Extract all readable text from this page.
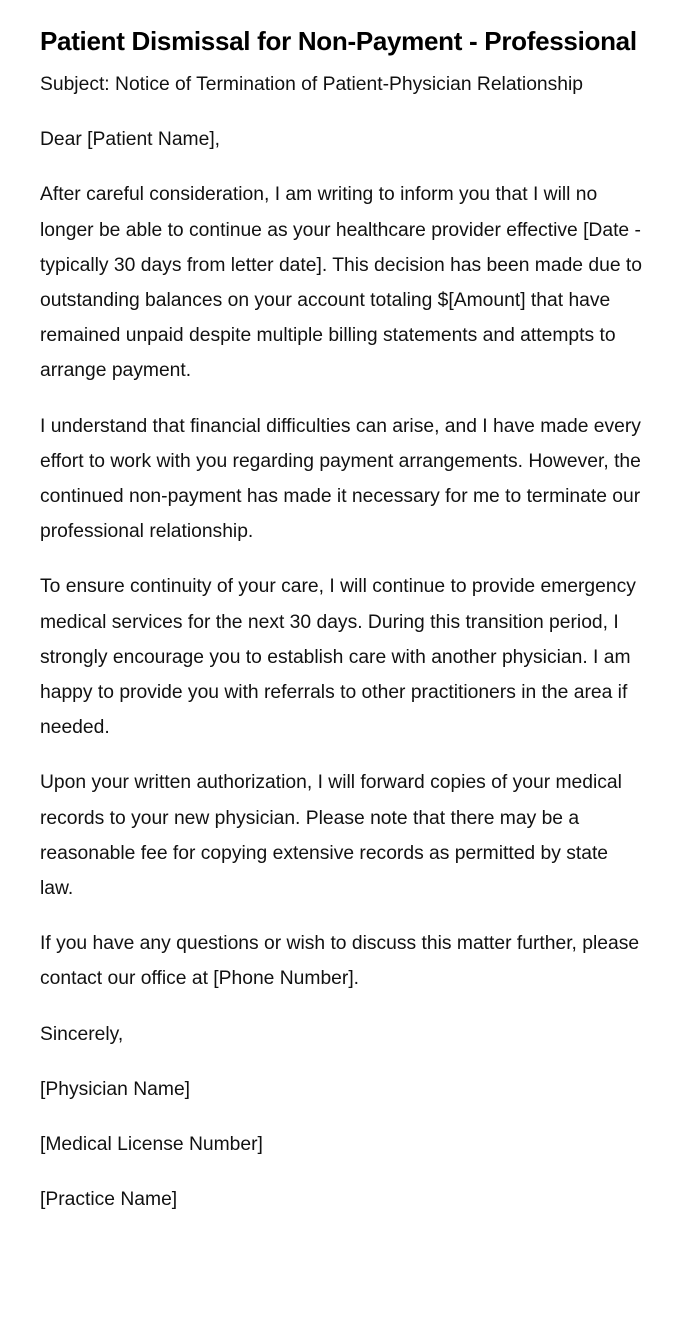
Patient Dismissal for Non-Payment - Professional

Subject: Notice of Termination of Patient-Physician Relationship

Dear [Patient Name],

After careful consideration, I am writing to inform you that I will no longer be able to continue as your healthcare provider effective [Date - typically 30 days from letter date]. This decision has been made due to outstanding balances on your account totaling $[Amount] that have remained unpaid despite multiple billing statements and attempts to arrange payment.

I understand that financial difficulties can arise, and I have made every effort to work with you regarding payment arrangements. However, the continued non-payment has made it necessary for me to terminate our professional relationship.

To ensure continuity of your care, I will continue to provide emergency medical services for the next 30 days. During this transition period, I strongly encourage you to establish care with another physician. I am happy to provide you with referrals to other practitioners in the area if needed.

Upon your written authorization, I will forward copies of your medical records to your new physician. Please note that there may be a reasonable fee for copying extensive records as permitted by state law.

If you have any questions or wish to discuss this matter further, please contact our office at [Phone Number].

Sincerely,

[Physician Name]

[Medical License Number]

[Practice Name]
